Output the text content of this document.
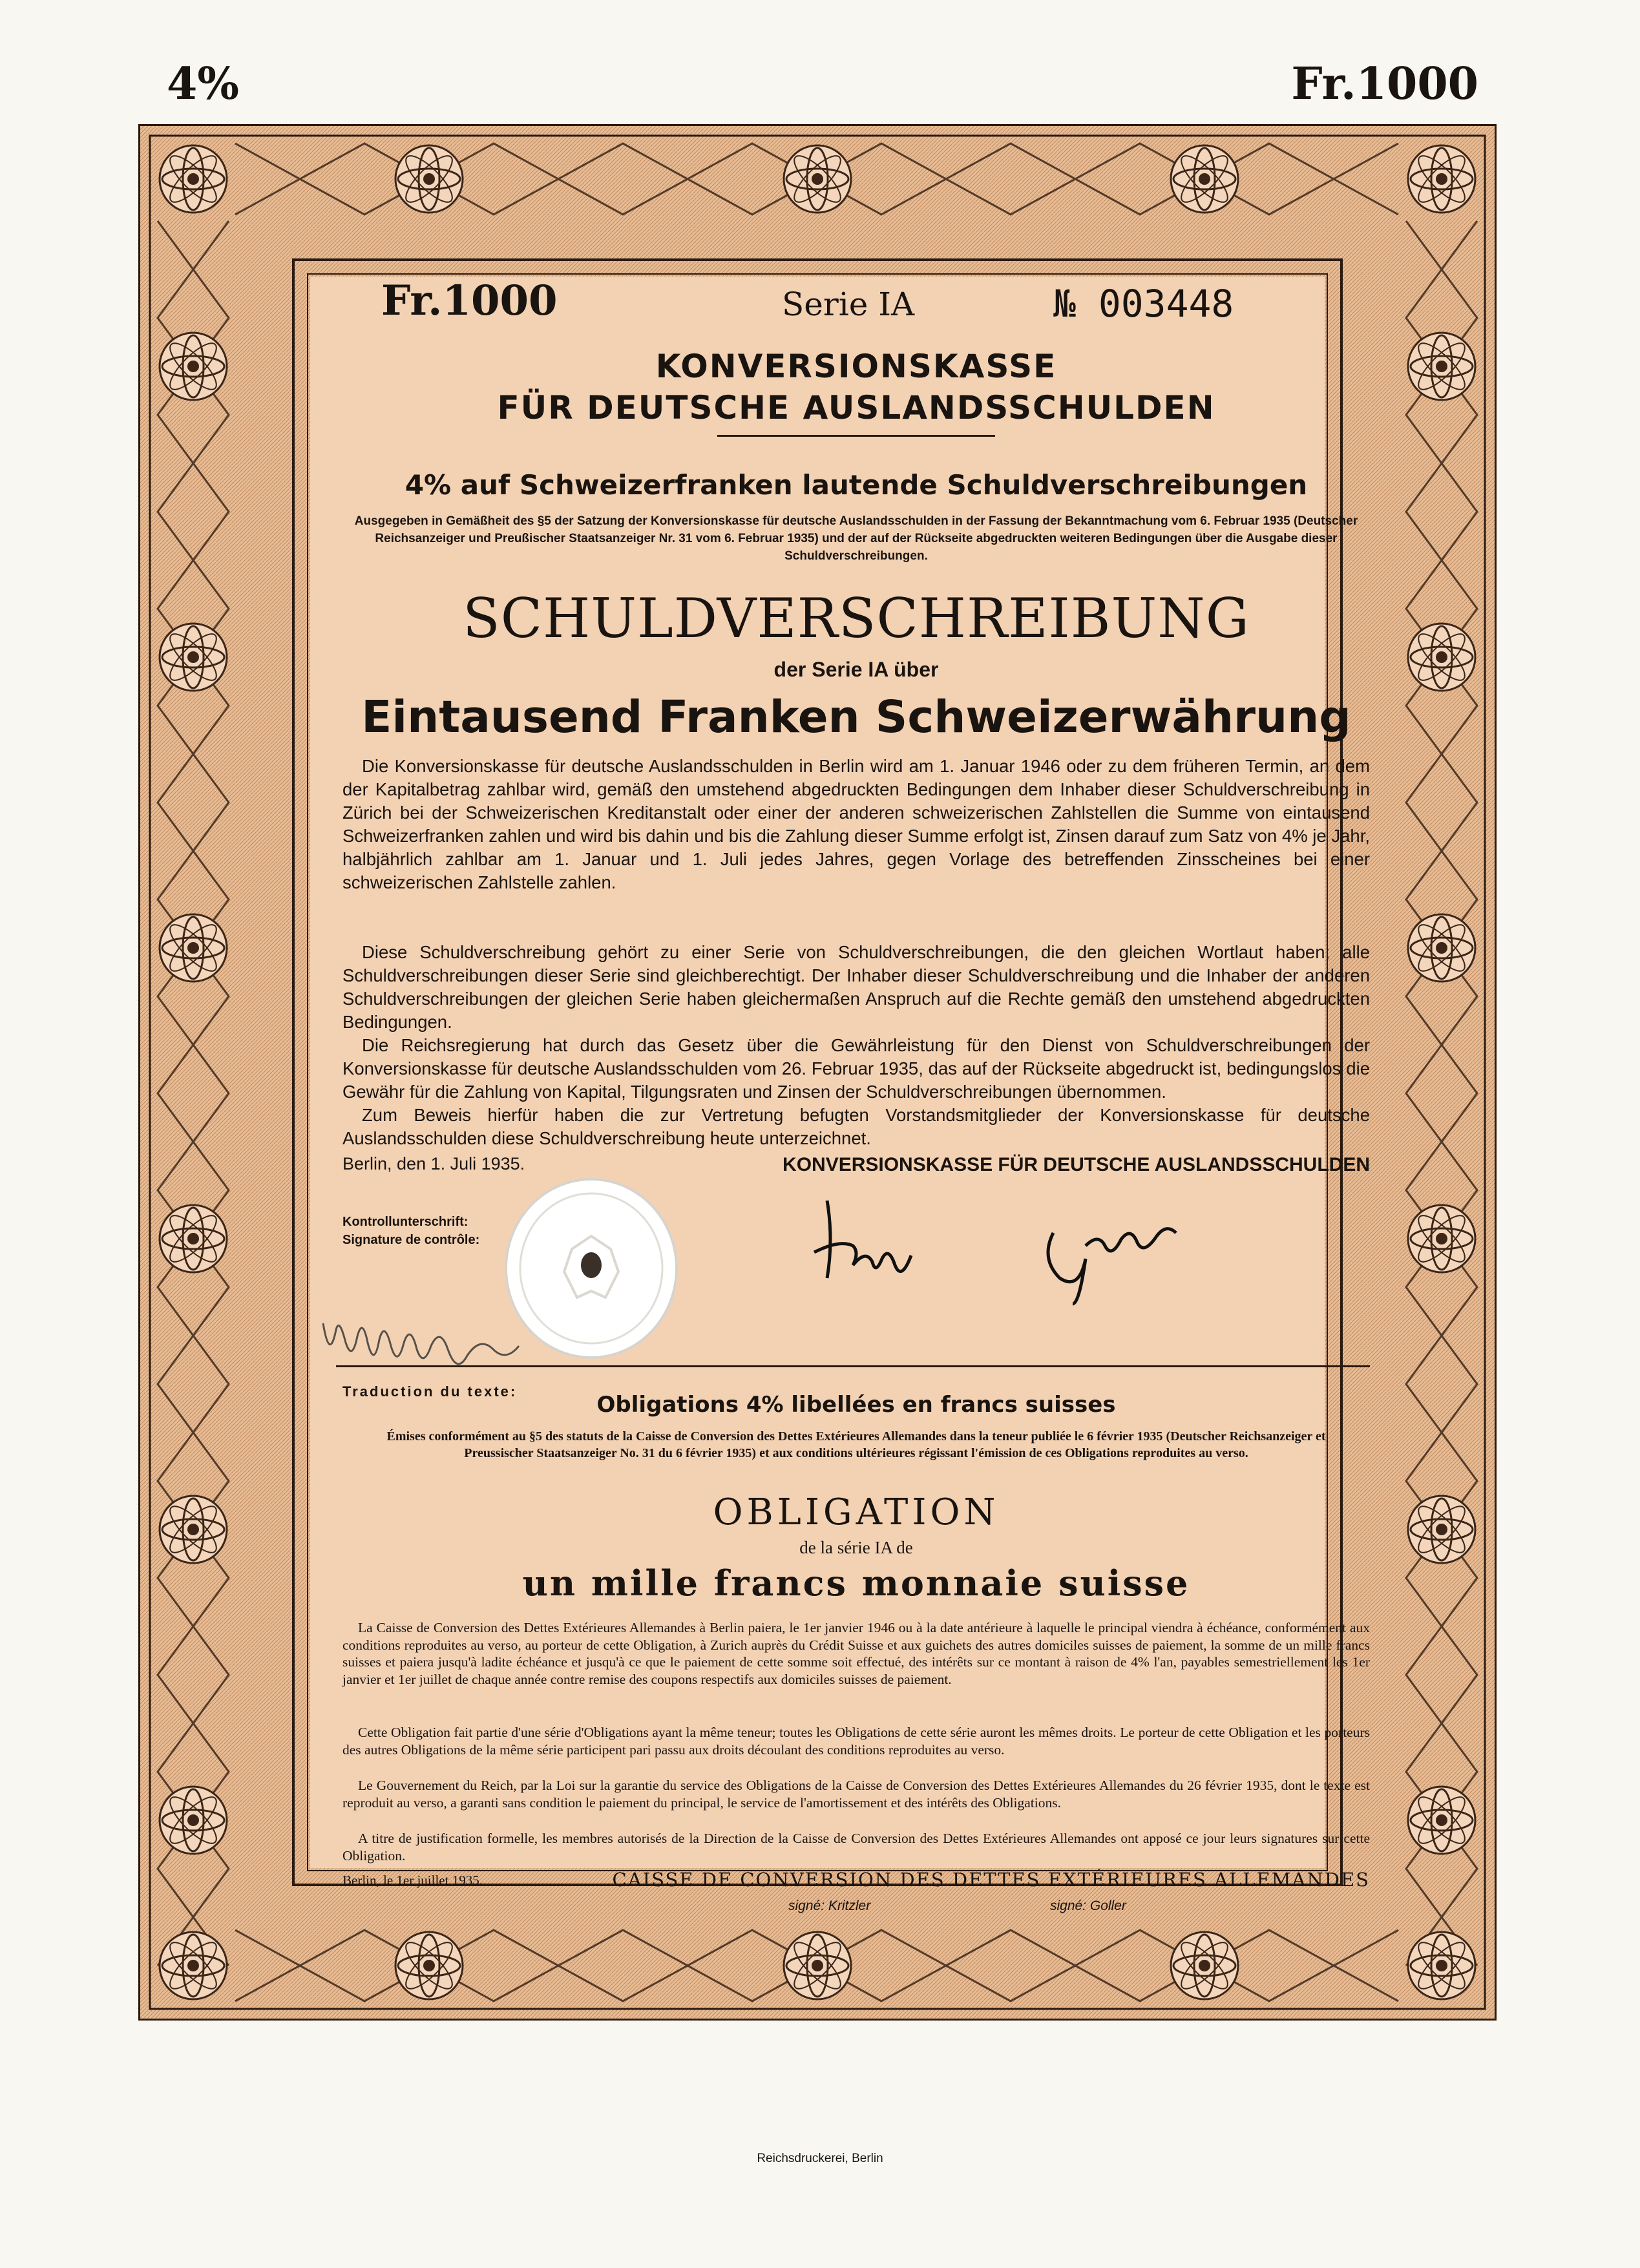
4%	Fr.1000
Fr.1000	Serie IA	№ 003448
KONVERSIONSKASSE
FÜR DEUTSCHE AUSLANDSSCHULDEN
4% auf Schweizerfranken lautende Schuldverschreibungen
Ausgegeben in Gemäßheit des §5 der Satzung der Konversionskasse für deutsche Auslandsschulden in der Fassung der Bekanntmachung vom 6. Februar 1935 (Deutscher Reichsanzeiger und Preußischer Staatsanzeiger Nr. 31 vom 6. Februar 1935) und der auf der Rückseite abgedruckten weiteren Bedingungen über die Ausgabe dieser Schuldverschreibungen.
SCHULDVERSCHREIBUNG
der Serie IA über
Eintausend Franken Schweizerwährung
Die Konversionskasse für deutsche Auslandsschulden in Berlin wird am 1. Januar 1946 oder zu dem früheren Termin, an dem der Kapitalbetrag zahlbar wird, gemäß den umstehend abgedruckten Bedingungen dem Inhaber dieser Schuldverschreibung in Zürich bei der Schweizerischen Kreditanstalt oder einer der anderen schweizerischen Zahlstellen die Summe von eintausend Schweizerfranken zahlen und wird bis dahin und bis die Zahlung dieser Summe erfolgt ist, Zinsen darauf zum Satz von 4% je Jahr, halbjährlich zahlbar am 1. Januar und 1. Juli jedes Jahres, gegen Vorlage des betreffenden Zinsscheines bei einer schweizerischen Zahlstelle zahlen.
Diese Schuldverschreibung gehört zu einer Serie von Schuldverschreibungen, die den gleichen Wortlaut haben; alle Schuldverschreibungen dieser Serie sind gleichberechtigt. Der Inhaber dieser Schuldverschreibung und die Inhaber der anderen Schuldverschreibungen der gleichen Serie haben gleichermaßen Anspruch auf die Rechte gemäß den umstehend abgedruckten Bedingungen.
Die Reichsregierung hat durch das Gesetz über die Gewährleistung für den Dienst von Schuldverschreibungen der Konversionskasse für deutsche Auslandsschulden vom 26. Februar 1935, das auf der Rückseite abgedruckt ist, bedingungslos die Gewähr für die Zahlung von Kapital, Tilgungsraten und Zinsen der Schuldverschreibungen übernommen.
Zum Beweis hierfür haben die zur Vertretung befugten Vorstandsmitglieder der Konversionskasse für deutsche Auslandsschulden diese Schuldverschreibung heute unterzeichnet.
Berlin, den 1. Juli 1935.	KONVERSIONSKASSE FÜR DEUTSCHE AUSLANDSSCHULDEN
Kontrollunterschrift:
Signature de contrôle:
Traduction du texte:
Obligations 4% libellées en francs suisses
Émises conformément au §5 des statuts de la Caisse de Conversion des Dettes Extérieures Allemandes dans la teneur publiée le 6 février 1935 (Deutscher Reichsanzeiger et Preussischer Staatsanzeiger No. 31 du 6 février 1935) et aux conditions ultérieures régissant l'émission de ces Obligations reproduites au verso.
OBLIGATION
de la série IA de
un mille francs monnaie suisse
La Caisse de Conversion des Dettes Extérieures Allemandes à Berlin paiera, le 1er janvier 1946 ou à la date antérieure à laquelle le principal viendra à échéance, conformément aux conditions reproduites au verso, au porteur de cette Obligation, à Zurich auprès du Crédit Suisse et aux guichets des autres domiciles suisses de paiement, la somme de un mille francs suisses et paiera jusqu'à ladite échéance et jusqu'à ce que le paiement de cette somme soit effectué, des intérêts sur ce montant à raison de 4% l'an, payables semestriellement les 1er janvier et 1er juillet de chaque année contre remise des coupons respectifs aux domiciles suisses de paiement.
Cette Obligation fait partie d'une série d'Obligations ayant la même teneur; toutes les Obligations de cette série auront les mêmes droits. Le porteur de cette Obligation et les porteurs des autres Obligations de la même série participent pari passu aux droits découlant des conditions reproduites au verso.
Le Gouvernement du Reich, par la Loi sur la garantie du service des Obligations de la Caisse de Conversion des Dettes Extérieures Allemandes du 26 février 1935, dont le texte est reproduit au verso, a garanti sans condition le paiement du principal, le service de l'amortissement et des intérêts des Obligations.
A titre de justification formelle, les membres autorisés de la Direction de la Caisse de Conversion des Dettes Extérieures Allemandes ont apposé ce jour leurs signatures sur cette Obligation.
Berlin, le 1er juillet 1935.	CAISSE DE CONVERSION DES DETTES EXTÉRIEURES ALLEMANDES
signé: Kritzler	signé: Goller
Reichsdruckerei, Berlin
